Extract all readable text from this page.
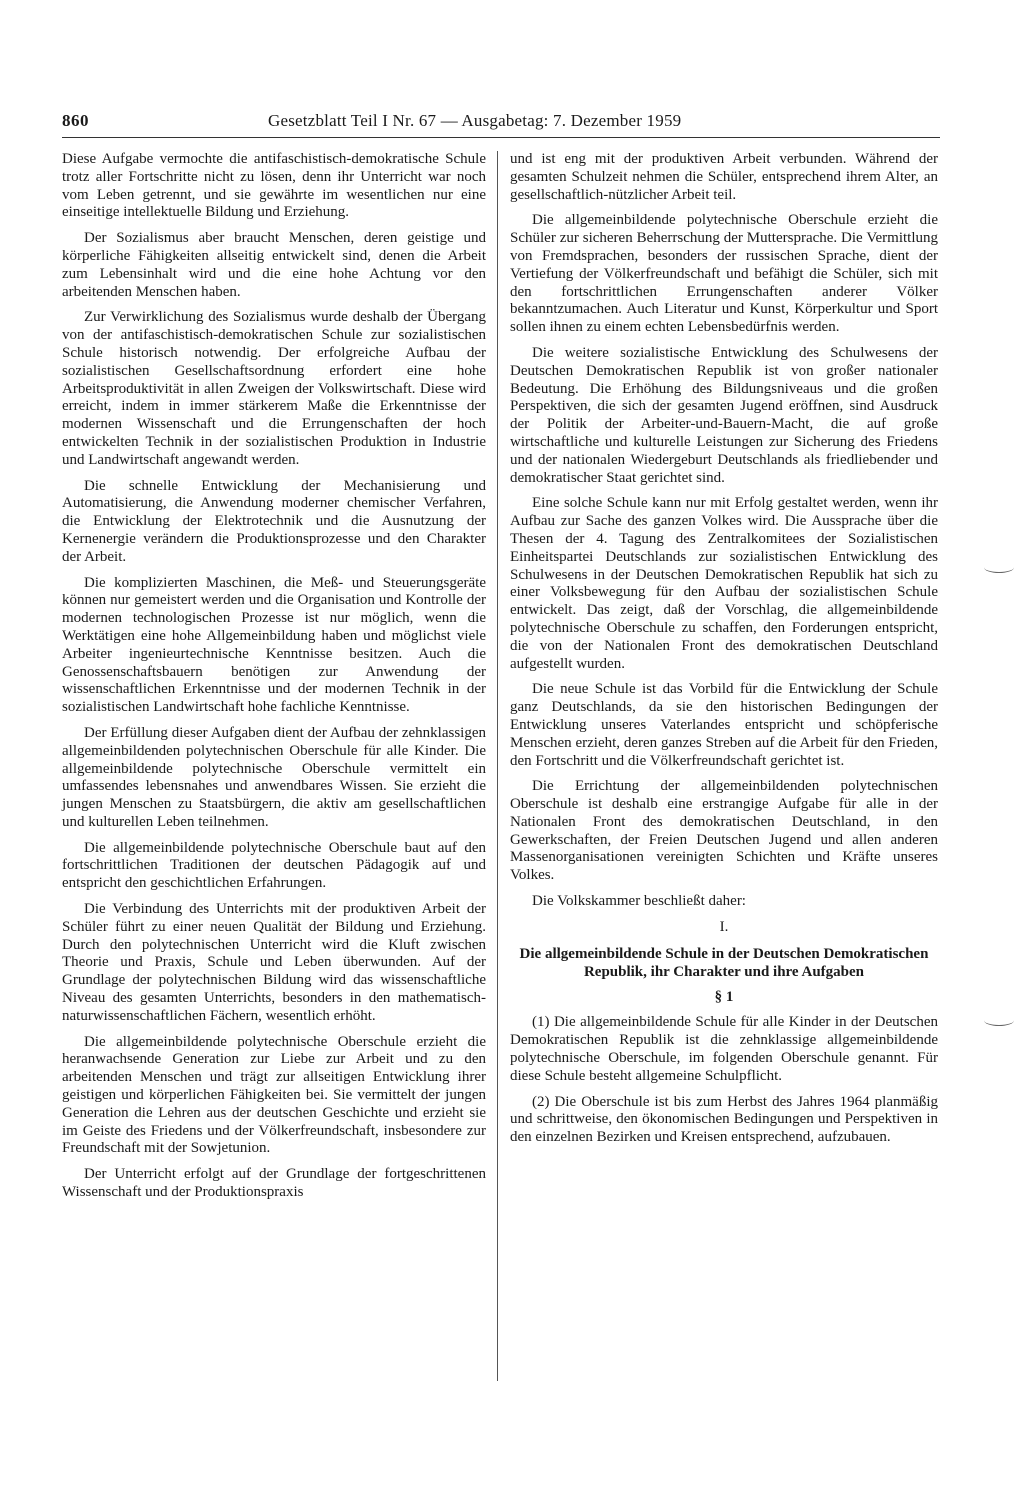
860	Gesetzblatt Teil I Nr. 67 — Ausgabetag: 7. Dezember 1959

Diese Aufgabe vermochte die antifaschistisch-demokratische Schule trotz aller Fortschritte nicht zu lösen, denn ihr Unterricht war noch vom Leben getrennt, und sie gewährte im wesentlichen nur eine einseitige intellektuelle Bildung und Erziehung.

Der Sozialismus aber braucht Menschen, deren geistige und körperliche Fähigkeiten allseitig entwickelt sind, denen die Arbeit zum Lebensinhalt wird und die eine hohe Achtung vor den arbeitenden Menschen haben.

Zur Verwirklichung des Sozialismus wurde deshalb der Übergang von der antifaschistisch-demokratischen Schule zur sozialistischen Schule historisch notwendig. Der erfolgreiche Aufbau der sozialistischen Gesellschaftsordnung erfordert eine hohe Arbeitsproduktivität in allen Zweigen der Volkswirtschaft. Diese wird erreicht, indem in immer stärkerem Maße die Erkenntnisse der modernen Wissenschaft und die Errungenschaften der hoch entwickelten Technik in der sozialistischen Produktion in Industrie und Landwirtschaft angewandt werden.

Die schnelle Entwicklung der Mechanisierung und Automatisierung, die Anwendung moderner chemischer Verfahren, die Entwicklung der Elektrotechnik und die Ausnutzung der Kernenergie verändern die Produktionsprozesse und den Charakter der Arbeit.

Die komplizierten Maschinen, die Meß- und Steuerungsgeräte können nur gemeistert werden und die Organisation und Kontrolle der modernen technologischen Prozesse ist nur möglich, wenn die Werktätigen eine hohe Allgemeinbildung haben und möglichst viele Arbeiter ingenieurtechnische Kenntnisse besitzen. Auch die Genossenschaftsbauern benötigen zur Anwendung der wissenschaftlichen Erkenntnisse und der modernen Technik in der sozialistischen Landwirtschaft hohe fachliche Kenntnisse.

Der Erfüllung dieser Aufgaben dient der Aufbau der zehnklassigen allgemeinbildenden polytechnischen Oberschule für alle Kinder. Die allgemeinbildende polytechnische Oberschule vermittelt ein umfassendes lebensnahes und anwendbares Wissen. Sie erzieht die jungen Menschen zu Staatsbürgern, die aktiv am gesellschaftlichen und kulturellen Leben teilnehmen.

Die allgemeinbildende polytechnische Oberschule baut auf den fortschrittlichen Traditionen der deutschen Pädagogik auf und entspricht den geschichtlichen Erfahrungen.

Die Verbindung des Unterrichts mit der produktiven Arbeit der Schüler führt zu einer neuen Qualität der Bildung und Erziehung. Durch den polytechnischen Unterricht wird die Kluft zwischen Theorie und Praxis, Schule und Leben überwunden. Auf der Grundlage der polytechnischen Bildung wird das wissenschaftliche Niveau des gesamten Unterrichts, besonders in den mathematisch-naturwissenschaftlichen Fächern, wesentlich erhöht.

Die allgemeinbildende polytechnische Oberschule erzieht die heranwachsende Generation zur Liebe zur Arbeit und zu den arbeitenden Menschen und trägt zur allseitigen Entwicklung ihrer geistigen und körperlichen Fähigkeiten bei. Sie vermittelt der jungen Generation die Lehren aus der deutschen Geschichte und erzieht sie im Geiste des Friedens und der Völkerfreundschaft, insbesondere zur Freundschaft mit der Sowjetunion.

Der Unterricht erfolgt auf der Grundlage der fortgeschrittenen Wissenschaft und der Produktionspraxis

und ist eng mit der produktiven Arbeit verbunden. Während der gesamten Schulzeit nehmen die Schüler, entsprechend ihrem Alter, an gesellschaftlich-nützlicher Arbeit teil.

Die allgemeinbildende polytechnische Oberschule erzieht die Schüler zur sicheren Beherrschung der Muttersprache. Die Vermittlung von Fremdsprachen, besonders der russischen Sprache, dient der Vertiefung der Völkerfreundschaft und befähigt die Schüler, sich mit den fortschrittlichen Errungenschaften anderer Völker bekanntzumachen. Auch Literatur und Kunst, Körperkultur und Sport sollen ihnen zu einem echten Lebensbedürfnis werden.

Die weitere sozialistische Entwicklung des Schulwesens der Deutschen Demokratischen Republik ist von großer nationaler Bedeutung. Die Erhöhung des Bildungsniveaus und die großen Perspektiven, die sich der gesamten Jugend eröffnen, sind Ausdruck der Politik der Arbeiter-und-Bauern-Macht, die auf große wirtschaftliche und kulturelle Leistungen zur Sicherung des Friedens und der nationalen Wiedergeburt Deutschlands als friedliebender und demokratischer Staat gerichtet sind.

Eine solche Schule kann nur mit Erfolg gestaltet werden, wenn ihr Aufbau zur Sache des ganzen Volkes wird. Die Aussprache über die Thesen der 4. Tagung des Zentralkomitees der Sozialistischen Einheitspartei Deutschlands zur sozialistischen Entwicklung des Schulwesens in der Deutschen Demokratischen Republik hat sich zu einer Volksbewegung für den Aufbau der sozialistischen Schule entwickelt. Das zeigt, daß der Vorschlag, die allgemeinbildende polytechnische Oberschule zu schaffen, den Forderungen entspricht, die von der Nationalen Front des demokratischen Deutschland aufgestellt wurden.

Die neue Schule ist das Vorbild für die Entwicklung der Schule ganz Deutschlands, da sie den historischen Bedingungen der Entwicklung unseres Vaterlandes entspricht und schöpferische Menschen erzieht, deren ganzes Streben auf die Arbeit für den Frieden, den Fortschritt und die Völkerfreundschaft gerichtet ist.

Die Errichtung der allgemeinbildenden polytechnischen Oberschule ist deshalb eine erstrangige Aufgabe für alle in der Nationalen Front des demokratischen Deutschland, in den Gewerkschaften, der Freien Deutschen Jugend und allen anderen Massenorganisationen vereinigten Schichten und Kräfte unseres Volkes.

Die Volkskammer beschließt daher:

I.

Die allgemeinbildende Schule in der Deutschen Demokratischen Republik, ihr Charakter und ihre Aufgaben

§ 1

(1) Die allgemeinbildende Schule für alle Kinder in der Deutschen Demokratischen Republik ist die zehnklassige allgemeinbildende polytechnische Oberschule, im folgenden Oberschule genannt. Für diese Schule besteht allgemeine Schulpflicht.

(2) Die Oberschule ist bis zum Herbst des Jahres 1964 planmäßig und schrittweise, den ökonomischen Bedingungen und Perspektiven in den einzelnen Bezirken und Kreisen entsprechend, aufzubauen.
